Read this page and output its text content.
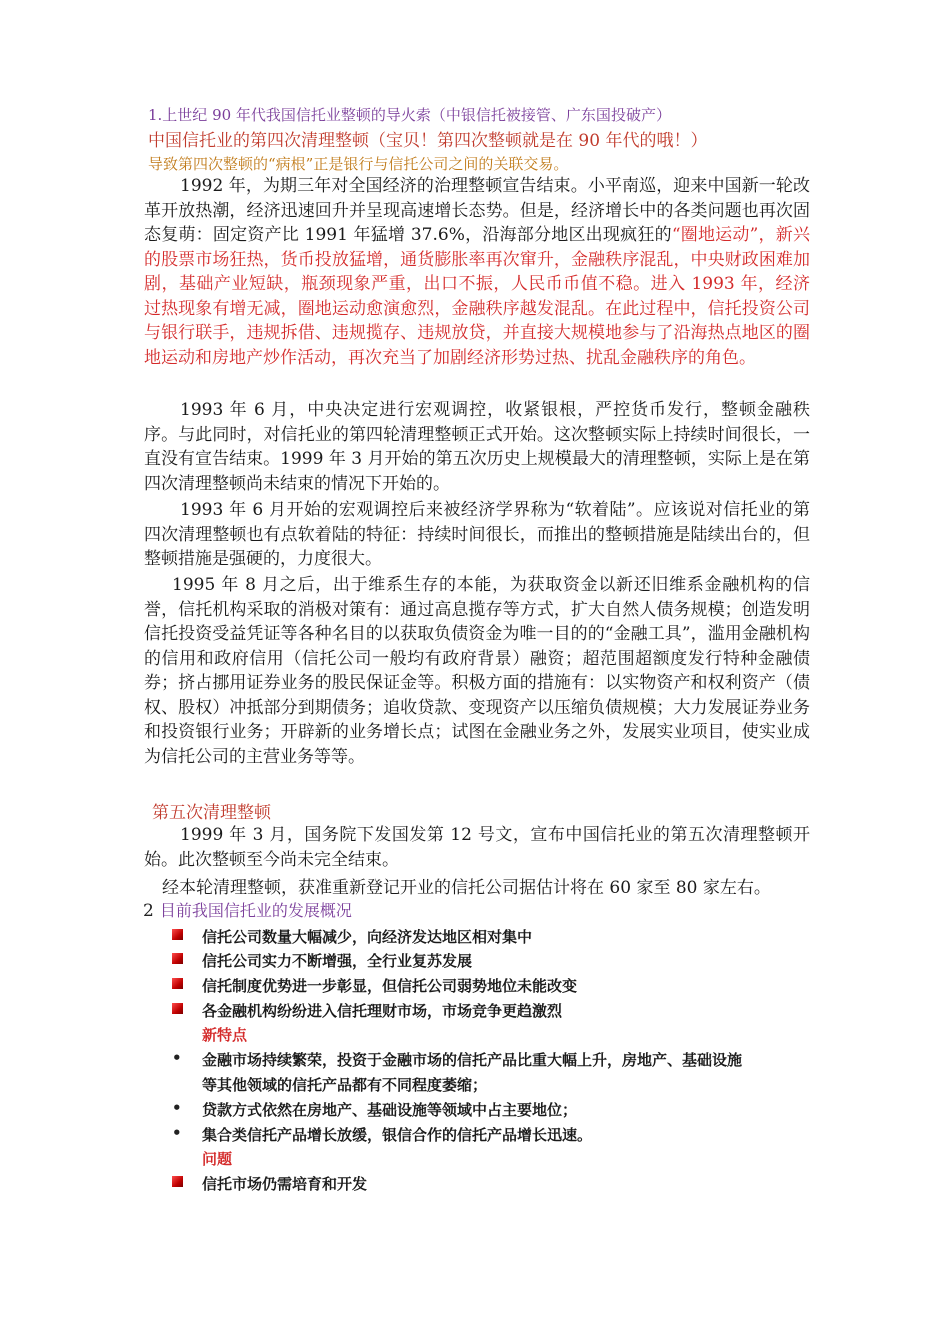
1.上世纪 90 年代我国信托业整顿的导火索（中银信托被接管、广东国投破产）
中国信托业的第四次清理整顿（宝贝！第四次整顿就是在 90 年代的哦！）
导致第四次整顿的“病根”正是银行与信托公司之间的关联交易。
1992 年，为期三年对全国经济的治理整顿宣告结束。小平南巡，迎来中国新一轮改革开放热潮，经济迅速回升并呈现高速增长态势。但是，经济增长中的各类问题也再次固态复萌：固定资产比 1991 年猛增 37.6%，沿海部分地区出现疯狂的“圈地运动”，新兴的股票市场狂热，货币投放猛增，通货膨胀率再次窜升，金融秩序混乱，中央财政困难加剧，基础产业短缺，瓶颈现象严重，出口不振，人民币币值不稳。进入 1993 年，经济过热现象有增无减，圈地运动愈演愈烈，金融秩序越发混乱。在此过程中，信托投资公司与银行联手，违规拆借、违规揽存、违规放贷，并直接大规模地参与了沿海热点地区的圈地运动和房地产炒作活动，再次充当了加剧经济形势过热、扰乱金融秩序的角色。
1993 年 6 月，中央决定进行宏观调控，收紧银根，严控货币发行，整顿金融秩序。与此同时，对信托业的第四轮清理整顿正式开始。这次整顿实际上持续时间很长，一直没有宣告结束。1999 年 3 月开始的第五次历史上规模最大的清理整顿，实际上是在第四次清理整顿尚未结束的情况下开始的。
1993 年 6 月开始的宏观调控后来被经济学界称为“软着陆”。应该说对信托业的第四次清理整顿也有点软着陆的特征：持续时间很长，而推出的整顿措施是陆续出台的，但整顿措施是强硬的，力度很大。
1995 年 8 月之后，出于维系生存的本能，为获取资金以新还旧维系金融机构的信誉，信托机构采取的消极对策有：通过高息揽存等方式，扩大自然人债务规模；创造发明信托投资受益凭证等各种名目的以获取负债资金为唯一目的的“金融工具”，滥用金融机构的信用和政府信用（信托公司一般均有政府背景）融资；超范围超额度发行特种金融债券；挤占挪用证券业务的股民保证金等。积极方面的措施有：以实物资产和权利资产（债权、股权）冲抵部分到期债务；追收贷款、变现资产以压缩负债规模；大力发展证券业务和投资银行业务；开辟新的业务增长点；试图在金融业务之外，发展实业项目，使实业成为信托公司的主营业务等等。
第五次清理整顿
1999 年 3 月，国务院下发国发第 12 号文，宣布中国信托业的第五次清理整顿开始。此次整顿至今尚未完全结束。
经本轮清理整顿，获准重新登记开业的信托公司据估计将在 60 家至 80 家左右。
2 目前我国信托业的发展概况
信托公司数量大幅减少，向经济发达地区相对集中
信托公司实力不断增强，全行业复苏发展
信托制度优势进一步彰显，但信托公司弱势地位未能改变
各金融机构纷纷进入信托理财市场，市场竞争更趋激烈
新特点
• 金融市场持续繁荣，投资于金融市场的信托产品比重大幅上升，房地产、基础设施
等其他领域的信托产品都有不同程度萎缩；
• 贷款方式依然在房地产、基础设施等领域中占主要地位；
• 集合类信托产品增长放缓，银信合作的信托产品增长迅速。
问题
信托市场仍需培育和开发
